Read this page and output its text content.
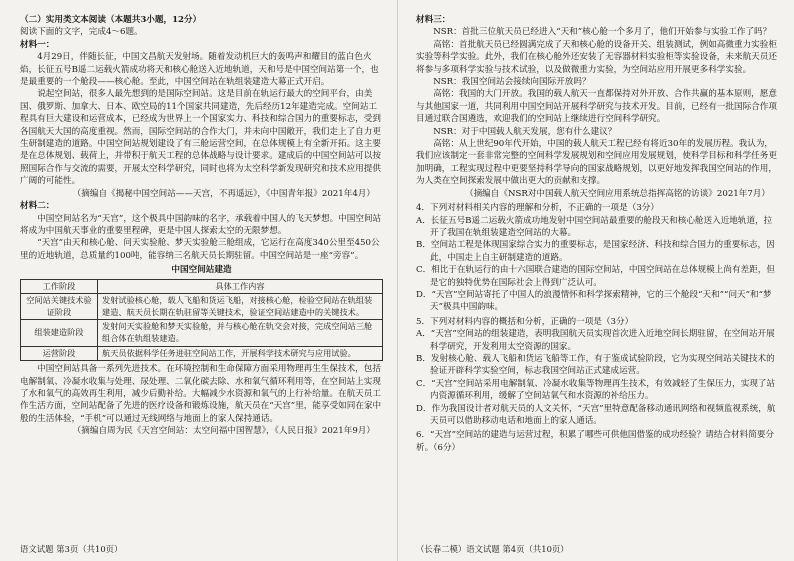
（二）实用类文本阅读（本题共3小题，12分）

阅读下面的文字，完成4～6题。

材料一：

4月29日，伴随长征，中国文昌航天发射场。随着发动机巨大的轰鸣声和耀目的蓝白色火焰，长征五号B遥二运载火箭成功将天和核心舱送入近地轨道，天和号是中国空间站第一个，也是最重要的一个舱段——核心舱。至此，中国空间站在轨组装建造大幕正式开启。

说起空间站，很多人最先想到的是国际空间站。这是目前在轨运行最大的空间平台，由美国、俄罗斯、加拿大、日本、欧空局的11个国家共同建造，先后经历12年建造完成。空间站工程具有巨大建设和运营成本，已经成为世界上一个国家实力、科技和综合国力的重要标志，受到各国航天大国的高度重视。然而，国际空间站的合作大门，并未向中国敞开，我们走上了自力更生研制建造的道路。中国空间站规划建设了有三舱运营空间，在总体规模上有全新开拓。这主要是在总体规划、载荷上，并带积于航天工程的总体战略与设计要求。建成后的中国空间站可以按照国际合作与交流的需要，开展太空科学研究，同时也将为太空科学新发现研究和技术应用提供广阔的可能性。

（摘编自《揭秘中国空间站——天宫，不再遥远》，《中国青年报》2021年4月）

材料二：

中国空间站名为“天宫”，这个极具中国韵味的名字，承载着中国人的飞天梦想。中国空间站将成为中国航天事业的重要里程碑，更是中国人探索太空的无限梦想。

“天宫”由天和核心舱、问天实验舱、梦天实验舱三舱组成，它运行在高度340公里至450公里的近地轨道，总质量约100吨，能容纳三名航天员长期驻留。中国空间站是一座“旁容”。

中国空间站建造

工作阶段	具体工作内容
空间站关键技术验证阶段	发射试验核心舱，载人飞船和货运飞船，对接核心舱，检验空间站在轨组装建造、航天员长期在轨驻留等关键技术，验证空间站建造中的关键技术。
组装建造阶段	发射问天实验舱和梦天实验舱，并与核心舱在轨交会对接，完成空间站三舱组合体在轨组装建造。
运营阶段	航天员依据科学任务进驻空间站工作，开展科学技术研究与应用试验。

中国空间站具备一系列先进技术。在环境控制和生命保障方面采用物理再生生保技术，包括电解制氧、冷凝水收集与处理、尿处理、二氧化碳去除、水和氧气循环利用等，在空间站上实现了水和氧气的高效再生利用，减少后勤补给。大幅减少水资源和氧气的上行补给量。在航天员工作生活方面，空间站配备了先进的医疗设备和锻炼设施，航天员在“天宫”里，能享受如同在家中般的生活体验，“手机”可以通过无线网络与地面上的家人保持通话。

（摘编自周为民《天宫空间站：太空问福中国智慧》，《人民日报》2021年9月）

语文试题 第3页（共10页）

材料三：

NSR：首批三位航天员已经进入“天和”核心舱一个多月了，他们开始参与实验工作了吗？

高铭：首批航天员已经圆满完成了天和核心舱的设备开关、组装测试，例如高微重力实验柜实验等科学实验。此外，我们在核心舱外还安装了无容器材料实验柜等实验设备，未来航天员还将参与多项科学实验与技术试验，以及做微重力实验，为空间站应用开展更多科学实验。

NSR：我国空间站会接续向国际开放吗？

高铭：我国的大门开放。我国的载人航天一直都保持对外开放、合作共赢的基本原则，愿意与其他国家一道，共同利用中国空间站开展科学研究与技术开发。目前，已经有一批国际合作项目通过联合国遴选，欢迎我们的空间站上继续进行空间科学研究。

NSR：对于中国载人航天发展，您有什么建议？

高铭：从上世纪90年代开始，中国的载人航天工程已经有将近30年的发展历程。我认为，我们应该制定一套非常完整的空间科学发展规划和空间应用发展规划，使科学目标和科学任务更加明确，工程实现过程中更要坚持科学导向的国家战略规划，以更好地发挥我国空间站的作用，为人类在空间探索发展中做出更大的贡献和支撑。

（摘编自《NSR对中国载人航天空间应用系统总指挥高铭的访谈》2021年7月）

4．下列对材料相关内容的理解和分析，不正确的一项是（3分）

A．长征五号B遥二运载火箭成功地发射中国空间站最重要的舱段天和核心舱送入近地轨道，拉开了我国在轨组装建造空间站的大幕。

B．空间站工程是体现国家综合实力的重要标志，是国家经济、科技和综合国力的重要标志，因此，中国走上自主研制建造的道路。

C．相比于在轨运行的由十六国联合建造的国际空间站，中国空间站在总体规模上尚有差距，但是它的独特优势在国际社会上得到广泛认可。

D．“天宫”空间站寄托了中国人的浪漫情怀和科学探索精神，它的三个舱段“天和”“问天”和“梦天”极具中国韵味。

5．下列对材料内容的概括和分析，正确的一项是（3分）

A．“天宫”空间站的组装建造，表明我国航天员实现首次进入近地空间长期驻留，在空间站开展科学研究，开发利用太空资源的国家。

B．发射核心舱、载人飞船和货运飞船等工作，有于鉴成试验阶段，它为实现空间站关键技术的验证开辟科学实验空间，标志我国空间站正式建成运营。

C．“天宫”空间站采用电解制氧、冷凝水收集等物理再生技术，有效减轻了生保压力，实现了站内资源循环利用，缓解了空间站氧气和水资源的补给压力。

D．作为我国设计者对航天员的人文关怀，“天宫”里特意配备移动通讯网络和视频监视系统，航天员可以借助移动电话和地面上的家人通话。

6．“天宫”空间站的建造与运营过程，积累了哪些可供他国借鉴的成功经验？请结合材料简要分析。（6分）

（长春二模）语文试题 第4页（共10页）
